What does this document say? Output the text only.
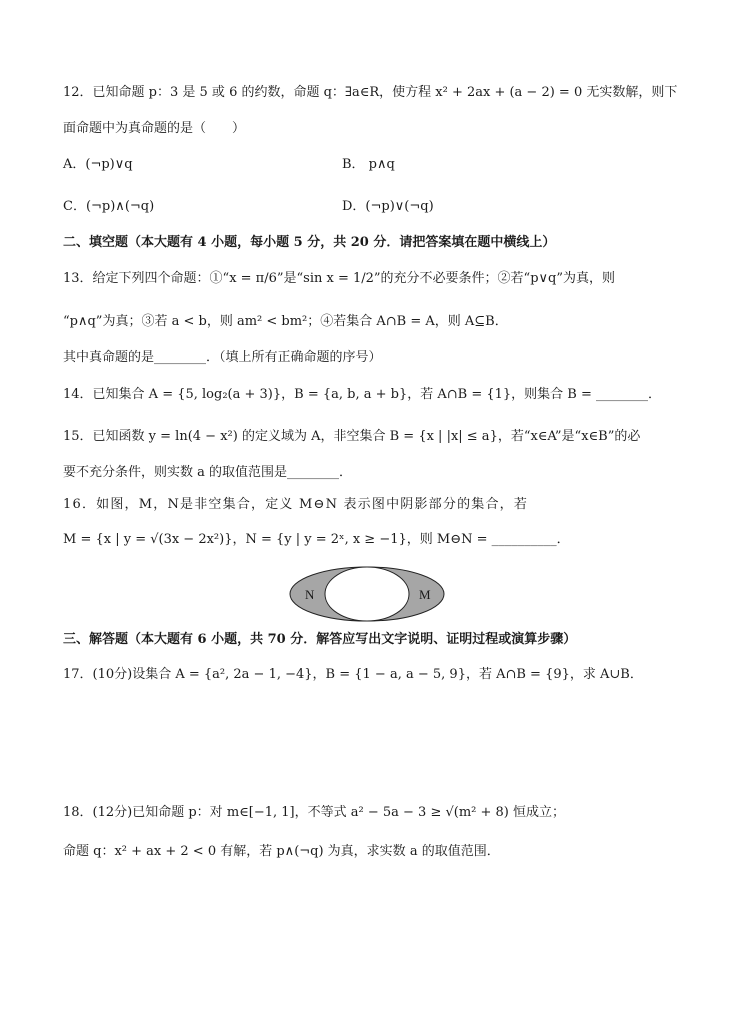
12．已知命题 p：3 是 5 或 6 的约数，命题 q：∃a∈R，使方程 x² + 2ax + (a − 2) = 0 无实数解，则下
面命题中为真命题的是（　　）
A．(¬p)∨q	B． p∧q
C．(¬p)∧(¬q)	D．(¬p)∨(¬q)
二、填空题（本大题有 4 小题，每小题 5 分，共 20 分．请把答案填在题中横线上）
13．给定下列四个命题：①“x = π/6”是“sin x = 1/2”的充分不必要条件；②若“p∨q”为真，则
“p∧q”为真；③若 a < b，则 am² < bm²；④若集合 A∩B = A，则 A⊆B．
其中真命题的是________．（填上所有正确命题的序号）
14．已知集合 A = {5, log₂(a + 3)}，B = {a, b, a + b}，若 A∩B = {1}，则集合 B = ________．
15．已知函数 y = ln(4 − x²) 的定义域为 A，非空集合 B = {x | |x| ≤ a}，若“x∈A”是“x∈B”的必
要不充分条件，则实数 a 的取值范围是________．
16．如图，M，N是非空集合，定义 M⊖N 表示图中阴影部分的集合，若
M = {x | y = √(3x − 2x²)}，N = {y | y = 2ˣ, x ≥ −1}，则 M⊖N = __________．
N	M
三、解答题（本大题有 6 小题，共 70 分．解答应写出文字说明、证明过程或演算步骤）
17．(10分)设集合 A = {a², 2a − 1, −4}，B = {1 − a, a − 5, 9}，若 A∩B = {9}，求 A∪B．
18．(12分)已知命题 p：对 m∈[−1, 1]，不等式 a² − 5a − 3 ≥ √(m² + 8) 恒成立；
命题 q：x² + ax + 2 < 0 有解，若 p∧(¬q) 为真，求实数 a 的取值范围．
